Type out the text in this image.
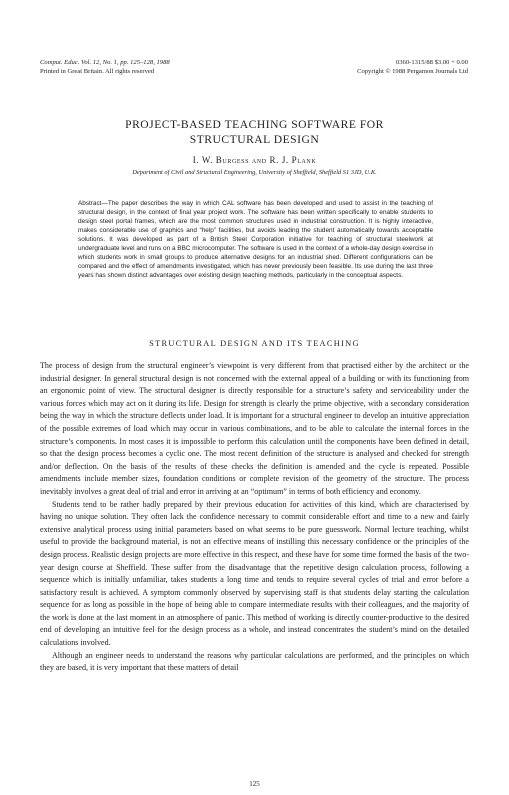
Comput. Educ. Vol. 12, No. 1, pp. 125–128, 1988
Printed in Great Britain. All rights reserved
0360-1315/88 $3.00 + 0.00
Copyright © 1988 Pergamon Journals Ltd
PROJECT-BASED TEACHING SOFTWARE FOR
STRUCTURAL DESIGN
I. W. Burgess and R. J. Plank
Department of Civil and Structural Engineering, University of Sheffield, Sheffield S1 3JD, U.K.
Abstract—The paper describes the way in which CAL software has been developed and used to assist in the teaching of structural design, in the context of final year project work. The software has been written specifically to enable students to design steel portal frames, which are the most common structures used in industrial construction. It is highly interactive, makes considerable use of graphics and “help” facilities, but avoids leading the student automatically towards acceptable solutions. It was developed as part of a British Steel Corporation initiative for teaching of structural steelwork at undergraduate level and runs on a BBC microcomputer. The software is used in the context of a whole-day design exercise in which students work in small groups to produce alternative designs for an industrial shed. Different configurations can be compared and the effect of amendments investigated, which has never previously been feasible. Its use during the last three years has shown distinct advantages over existing design teaching methods, particularly in the conceptual aspects.
STRUCTURAL DESIGN AND ITS TEACHING

The process of design from the structural engineer’s viewpoint is very different from that practised either by the architect or the industrial designer. In general structural design is not concerned with the external appeal of a building or with its functioning from an ergonomic point of view. The structural designer is directly responsible for a structure’s safety and serviceability under the various forces which may act on it during its life. Design for strength is clearly the prime objective, with a secondary consideration being the way in which the structure deflects under load. It is important for a structural engineer to develop an intuitive appreciation of the possible extremes of load which may occur in various combinations, and to be able to calculate the internal forces in the structure’s components. In most cases it is impossible to perform this calculation until the components have been defined in detail, so that the design process becomes a cyclic one. The most recent definition of the structure is analysed and checked for strength and/or deflection. On the basis of the results of these checks the definition is amended and the cycle is repeated. Possible amendments include member sizes, foundation conditions or complete revision of the geometry of the structure. The process inevitably involves a great deal of trial and error in arriving at an “optimum” in terms of both efficiency and economy.

Students tend to be rather badly prepared by their previous education for activities of this kind, which are characterised by having no unique solution. They often lack the confidence necessary to commit considerable effort and time to a new and fairly extensive analytical process using initial parameters based on what seems to be pure guesswork. Normal lecture teaching, whilst useful to provide the background material, is not an effective means of instilling this necessary confidence or the principles of the design process. Realistic design projects are more effective in this respect, and these have for some time formed the basis of the two-year design course at Sheffield. These suffer from the disadvantage that the repetitive design calculation process, following a sequence which is initially unfamiliar, takes students a long time and tends to require several cycles of trial and error before a satisfactory result is achieved. A symptom commonly observed by supervising staff is that students delay starting the calculation sequence for as long as possible in the hope of being able to compare intermediate results with their colleagues, and the majority of the work is done at the last moment in an atmosphere of panic. This method of working is directly counter-productive to the desired end of developing an intuitive feel for the design process as a whole, and instead concentrates the student’s mind on the detailed calculations involved.

Although an engineer needs to understand the reasons why particular calculations are performed, and the principles on which they are based, it is very important that these matters of detail

125
